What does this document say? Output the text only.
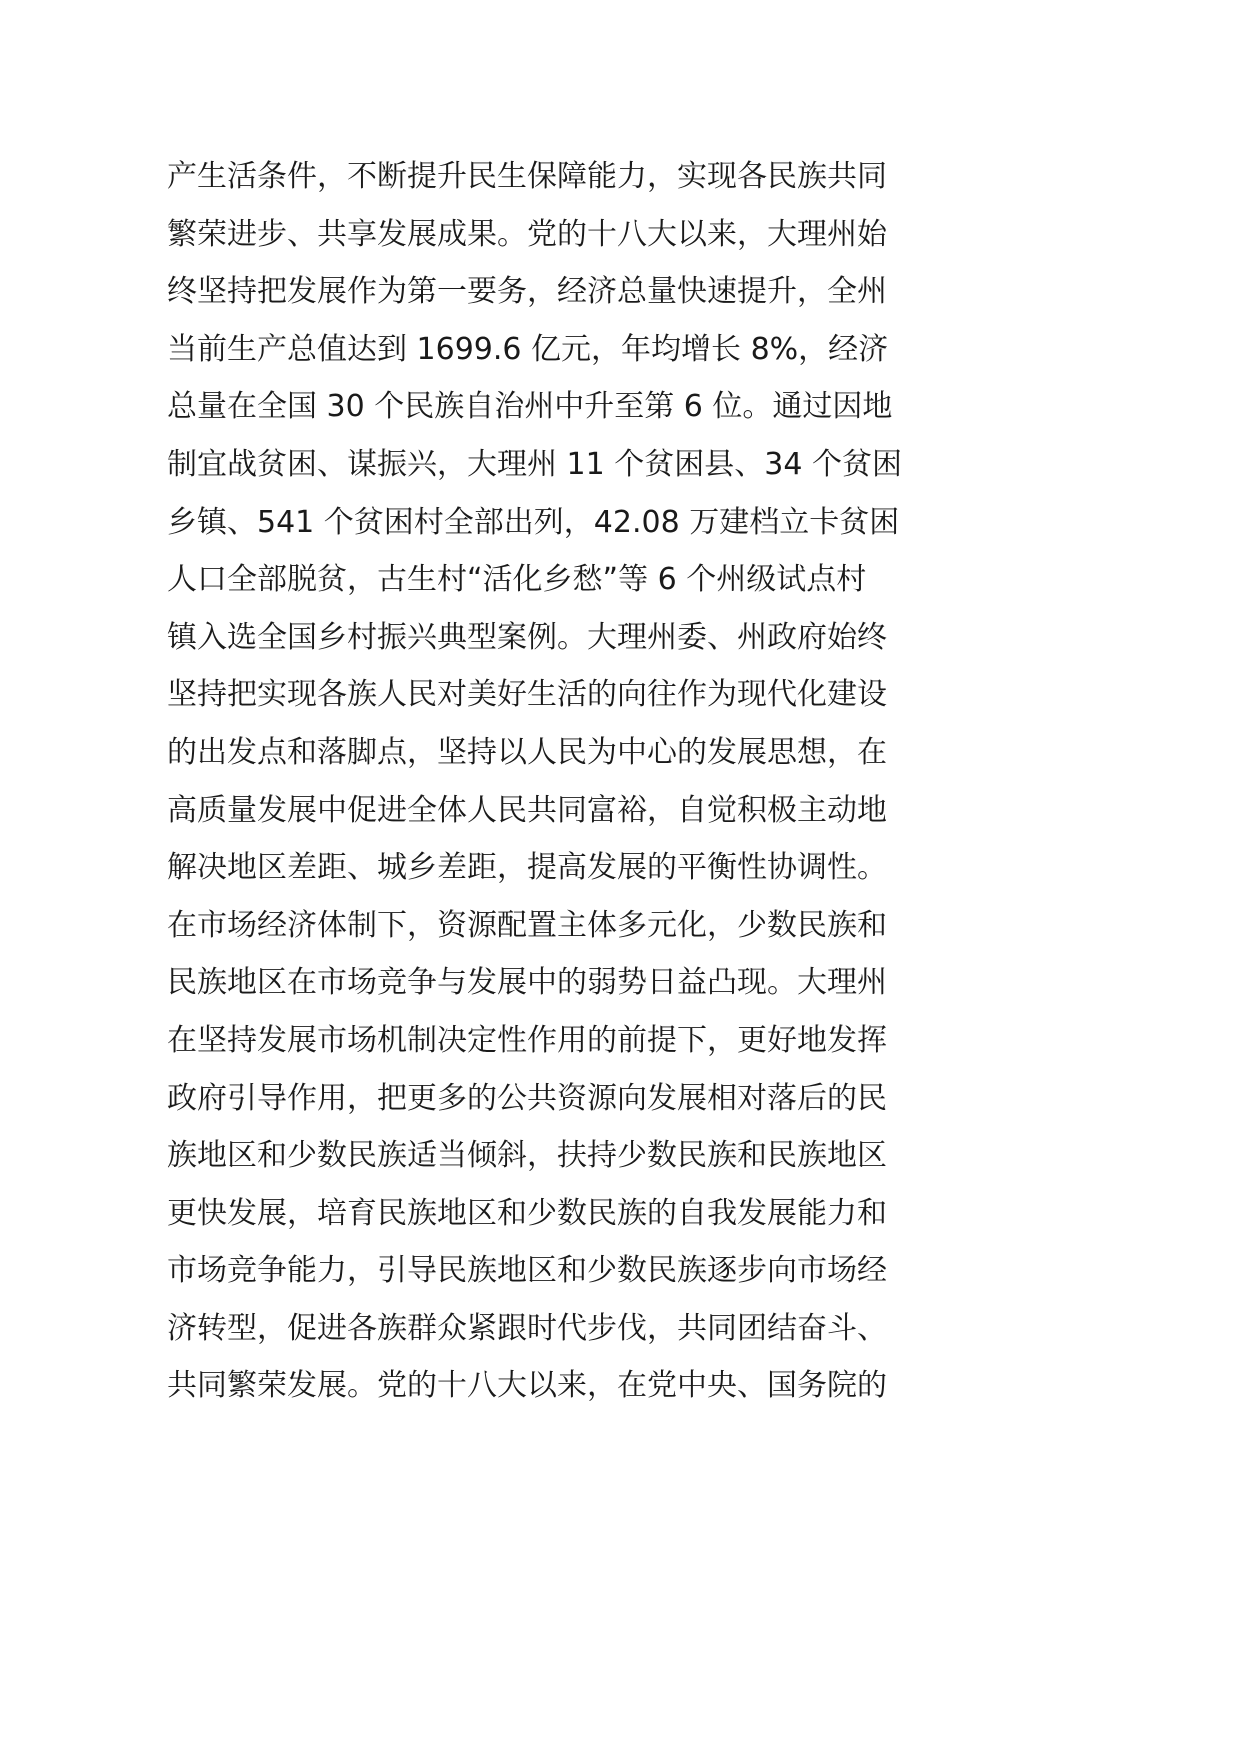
产生活条件，不断提升民生保障能力，实现各民族共同
繁荣进步、共享发展成果。党的十八大以来，大理州始
终坚持把发展作为第一要务，经济总量快速提升，全州
当前生产总值达到 1699.6 亿元，年均增长 8%，经济
总量在全国 30 个民族自治州中升至第 6 位。通过因地
制宜战贫困、谋振兴，大理州 11 个贫困县、34 个贫困
乡镇、541 个贫困村全部出列，42.08 万建档立卡贫困
人口全部脱贫，古生村“活化乡愁”等 6 个州级试点村
镇入选全国乡村振兴典型案例。大理州委、州政府始终
坚持把实现各族人民对美好生活的向往作为现代化建设
的出发点和落脚点，坚持以人民为中心的发展思想，在
高质量发展中促进全体人民共同富裕，自觉积极主动地
解决地区差距、城乡差距，提高发展的平衡性协调性。
在市场经济体制下，资源配置主体多元化，少数民族和
民族地区在市场竞争与发展中的弱势日益凸现。大理州
在坚持发展市场机制决定性作用的前提下，更好地发挥
政府引导作用，把更多的公共资源向发展相对落后的民
族地区和少数民族适当倾斜，扶持少数民族和民族地区
更快发展，培育民族地区和少数民族的自我发展能力和
市场竞争能力，引导民族地区和少数民族逐步向市场经
济转型，促进各族群众紧跟时代步伐，共同团结奋斗、
共同繁荣发展。党的十八大以来，在党中央、国务院的
